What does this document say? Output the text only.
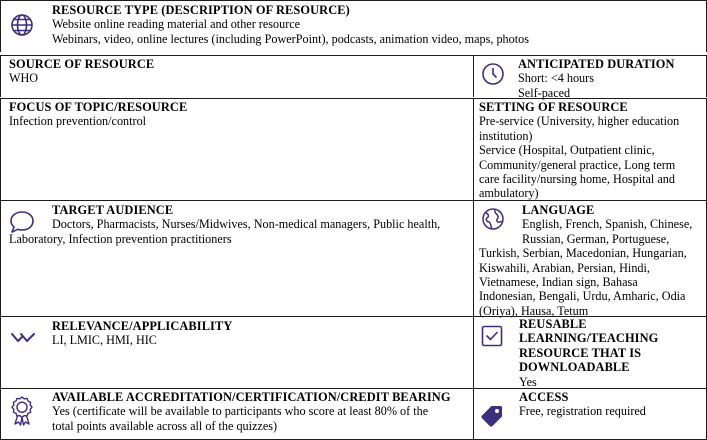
RESOURCE TYPE (DESCRIPTION OF RESOURCE)
Website online reading material and other resource
Webinars, video, online lectures (including PowerPoint), podcasts, animation video, maps, photos
SOURCE OF RESOURCE
WHO
ANTICIPATED DURATION
Short: <4 hours
Self-paced
FOCUS OF TOPIC/RESOURCE
Infection prevention/control
SETTING OF RESOURCE
Pre-service (University, higher education
institution)
Service (Hospital, Outpatient clinic,
Community/general practice, Long term
care facility/nursing home, Hospital and
ambulatory)
TARGET AUDIENCE
Doctors, Pharmacists, Nurses/Midwives, Non-medical managers, Public health,
Laboratory, Infection prevention practitioners
LANGUAGE
English, French, Spanish, Chinese,
Russian, German, Portuguese,
Turkish, Serbian, Macedonian, Hungarian,
Kiswahili, Arabian, Persian, Hindi,
Vietnamese, Indian sign, Bahasa
Indonesian, Bengali, Urdu, Amharic, Odia
(Oriya), Hausa, Tetum
RELEVANCE/APPLICABILITY
LI, LMIC, HMI, HIC
REUSABLE
LEARNING/TEACHING
RESOURCE THAT IS
DOWNLOADABLE
Yes
AVAILABLE ACCREDITATION/CERTIFICATION/CREDIT BEARING
Yes (certificate will be available to participants who score at least 80% of the
total points available across all of the quizzes)
ACCESS
Free, registration required
